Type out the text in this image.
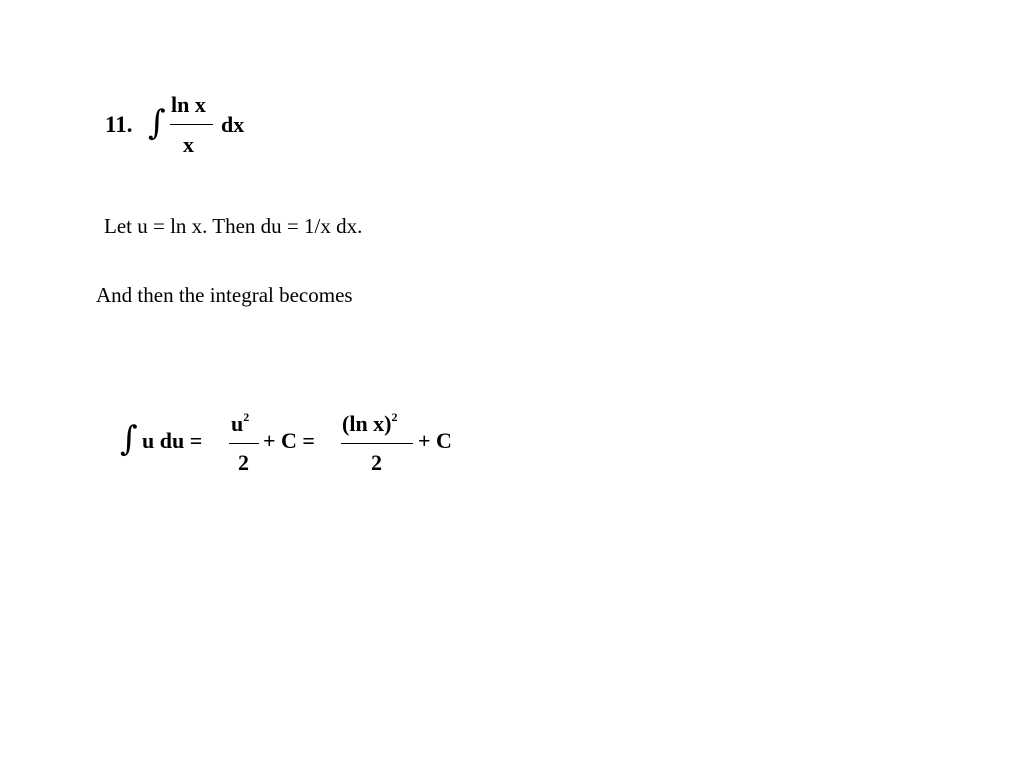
11. ∫ ln x
x
dx
Let u = ln x. Then du = 1/x dx.
And then the integral becomes
∫ u du =
$u^2$
2
+ C =
(ln x)$^2$
2
+ C
